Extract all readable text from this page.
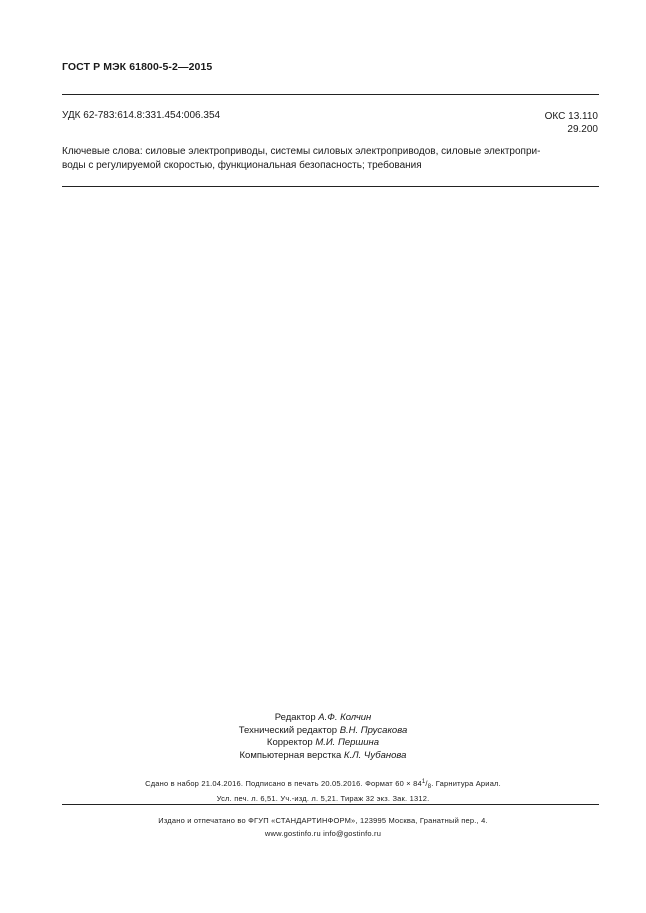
ГОСТ Р МЭК 61800-5-2—2015
УДК 62-783:614.8:331.454:006.354	ОКС 13.110
29.200
Ключевые слова: силовые электроприводы, системы силовых электроприводов, силовые электропри-
воды с регулируемой скоростью, функциональная безопасность; требования
Редактор А.Ф. Колчин
Технический редактор В.Н. Прусакова
Корректор М.И. Першина
Компьютерная верстка К.Л. Чубанова
Сдано в набор 21.04.2016. Подписано в печать 20.05.2016. Формат $60 \times 84^1/_8$. Гарнитура Ариал.
Усл. печ. л. 6,51. Уч.-изд. л. 5,21. Тираж 32 экз. Зак. 1312.
Издано и отпечатано во ФГУП «СТАНДАРТИНФОРМ», 123995 Москва, Гранатный пер., 4.
www.gostinfo.ru info@gostinfo.ru
